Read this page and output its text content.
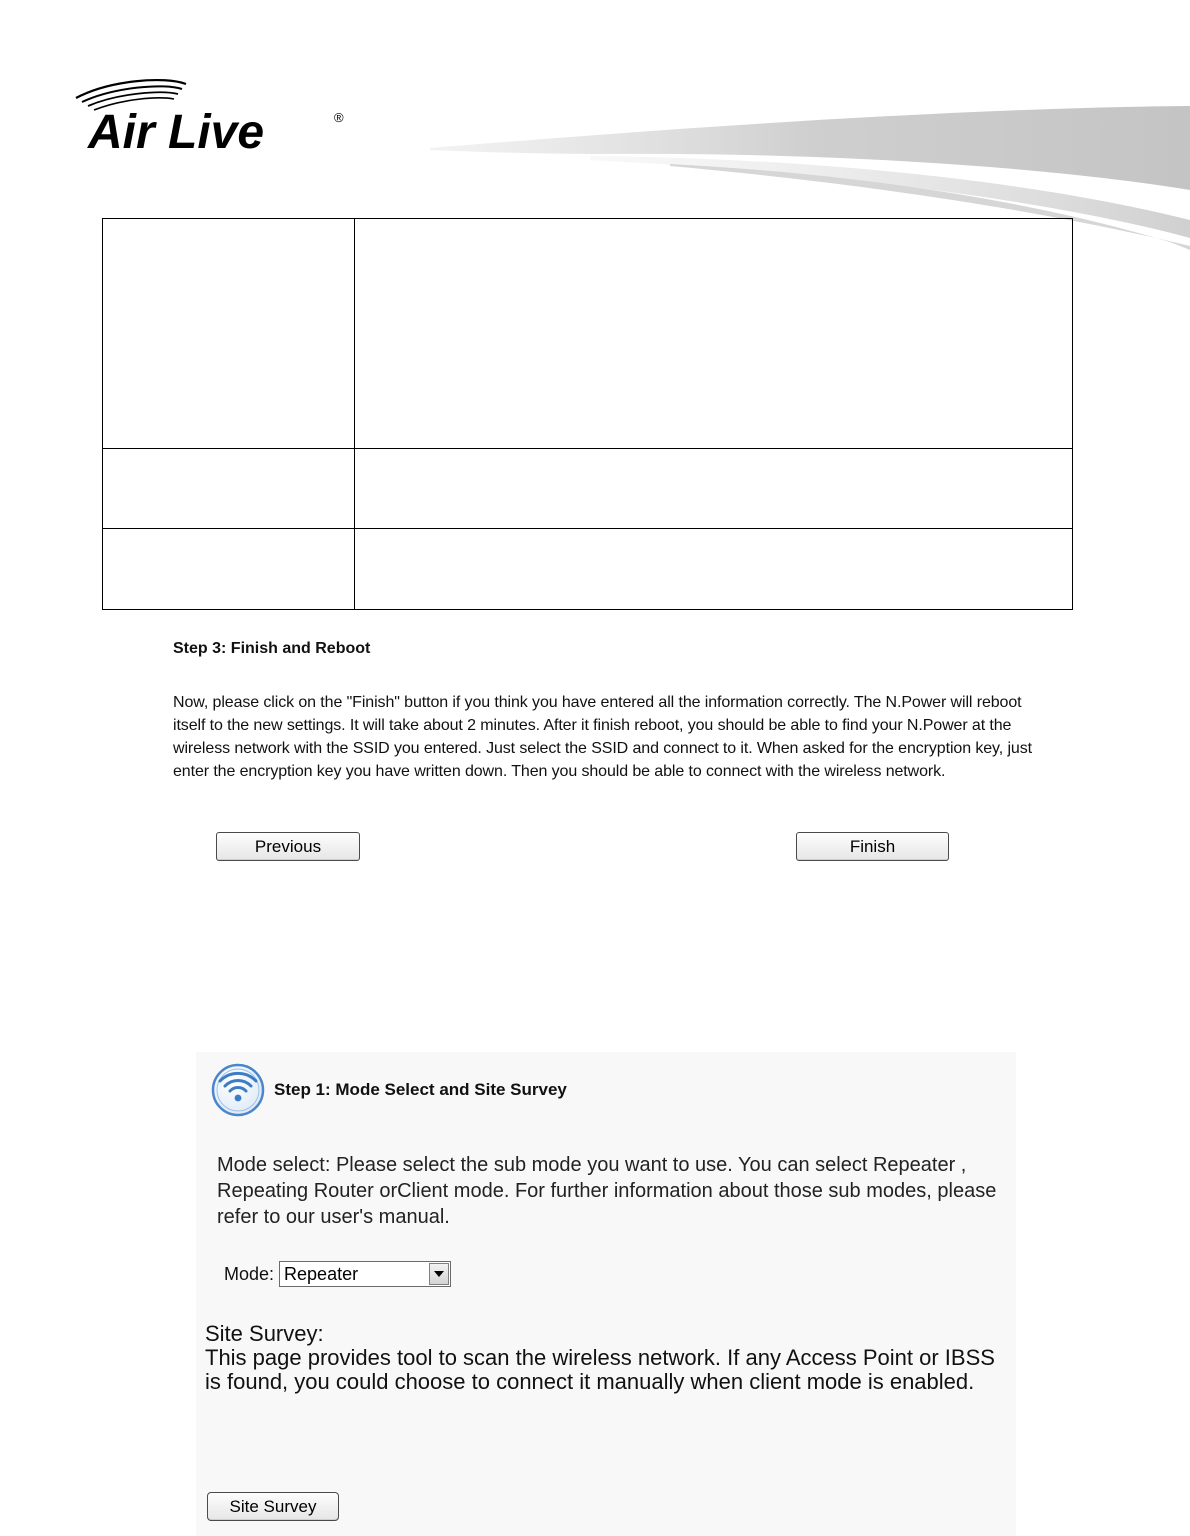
Air Live	®

Step 3: Finish and Reboot
Now, please click on the "Finish" button if you think you have entered all the information correctly. The N.Power will reboot itself to the new settings. It will take about 2 minutes. After it finish reboot, you should be able to find your N.Power at the wireless network with the SSID you entered. Just select the SSID and connect to it. When asked for the encryption key, just enter the encryption key you have written down. Then you should be able to connect with the wireless network.
Previous	Finish
Step 1: Mode Select and Site Survey
Mode select: Please select the sub mode you want to use. You can select Repeater , Repeating Router orClient mode. For further information about those sub modes, please refer to our user's manual.
Mode: Repeater
Site Survey:
This page provides tool to scan the wireless network. If any Access Point or IBSS is found, you could choose to connect it manually when client mode is enabled.
Site Survey
